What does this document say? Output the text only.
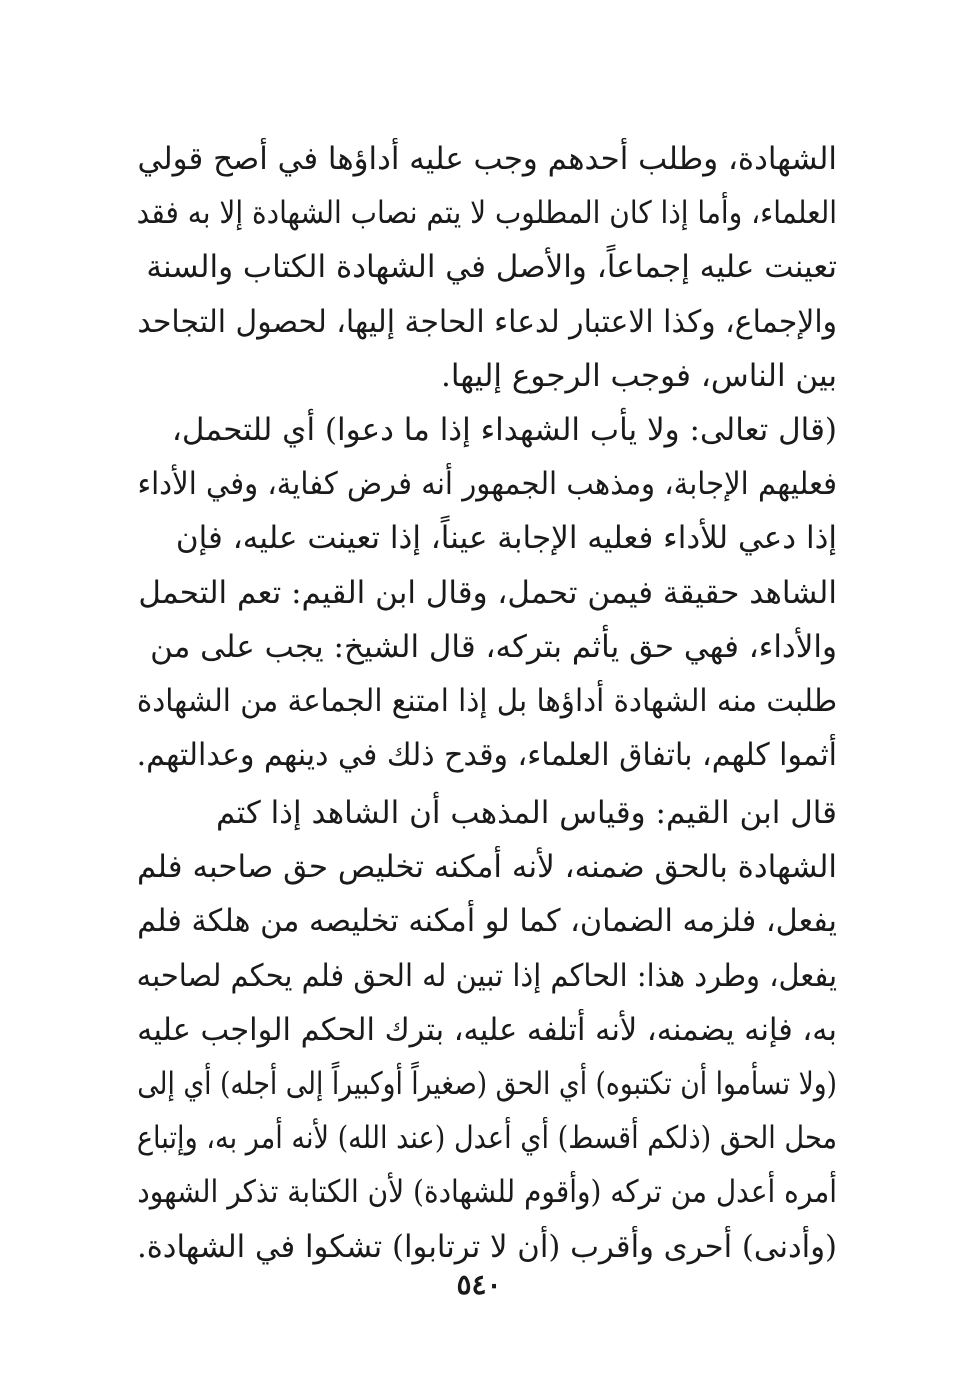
الشهادة، وطلب أحدهم وجب عليه أداؤها في أصح قولي
العلماء، وأما إذا كان المطلوب لا يتم نصاب الشهادة إلا به فقد
تعينت عليه إجماعاً، والأصل في الشهادة الكتاب والسنة
والإجماع، وكذا الاعتبار لدعاء الحاجة إليها، لحصول التجاحد
بين الناس، فوجب الرجوع إليها.
(قال تعالى: ولا يأب الشهداء إذا ما دعوا) أي للتحمل،
فعليهم الإجابة، ومذهب الجمهور أنه فرض كفاية، وفي الأداء
إذا دعي للأداء فعليه الإجابة عيناً، إذا تعينت عليه، فإن
الشاهد حقيقة فيمن تحمل، وقال ابن القيم: تعم التحمل
والأداء، فهي حق يأثم بتركه، قال الشيخ: يجب على من
طلبت منه الشهادة أداؤها بل إذا امتنع الجماعة من الشهادة
أثموا كلهم، باتفاق العلماء، وقدح ذلك في دينهم وعدالتهم.
قال ابن القيم: وقياس المذهب أن الشاهد إذا كتم
الشهادة بالحق ضمنه، لأنه أمكنه تخليص حق صاحبه فلم
يفعل، فلزمه الضمان، كما لو أمكنه تخليصه من هلكة فلم
يفعل، وطرد هذا: الحاكم إذا تبين له الحق فلم يحكم لصاحبه
به، فإنه يضمنه، لأنه أتلفه عليه، بترك الحكم الواجب عليه
(ولا تسأموا أن تكتبوه) أي الحق (صغيراً أوكبيراً إلى أجله) أي إلى
محل الحق (ذلكم أقسط) أي أعدل (عند الله) لأنه أمر به، وإتباع
أمره أعدل من تركه (وأقوم للشهادة) لأن الكتابة تذكر الشهود
(وأدنى) أحرى وأقرب (أن لا ترتابوا) تشكوا في الشهادة.
٥٤٠
